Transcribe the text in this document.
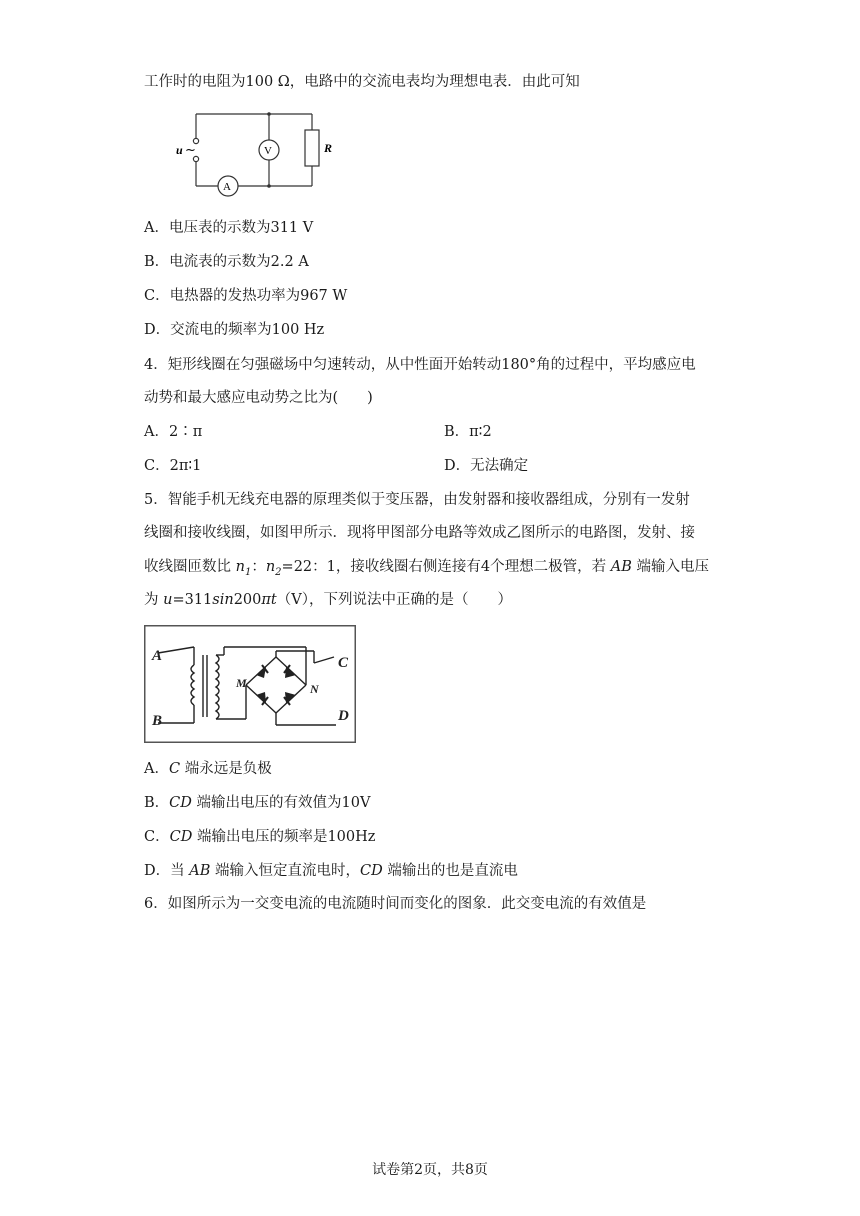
工作时的电阻为100 Ω，电路中的交流电表均为理想电表．由此可知
u ~	V
A
R
A．电压表的示数为311 V
B．电流表的示数为2.2 A
C．电热器的发热功率为967 W
D．交流电的频率为100 Hz
4．矩形线圈在匀强磁场中匀速转动，从中性面开始转动180°角的过程中，平均感应电
动势和最大感应电动势之比为(　　)
A．2∶π	B．π∶2
C．2π∶1	D．无法确定
5．智能手机无线充电器的原理类似于变压器，由发射器和接收器组成，分别有一发射
线圈和接收线圈，如图甲所示．现将甲图部分电路等效成乙图所示的电路图，发射、接
收线圈匝数比 $n_1$：$n_2=22$：1，接收线圈右侧连接有4个理想二极管，若 AB 端输入电压
为 u=311sin200πt（V），下列说法中正确的是（　　）
A
B
C
D
M	N
A．C 端永远是负极
B．CD 端输出电压的有效值为10V
C．CD 端输出电压的频率是100Hz
D．当 AB 端输入恒定直流电时，CD 端输出的也是直流电
6．如图所示为一交变电流的电流随时间而变化的图象．此交变电流的有效值是
试卷第2页，共8页
